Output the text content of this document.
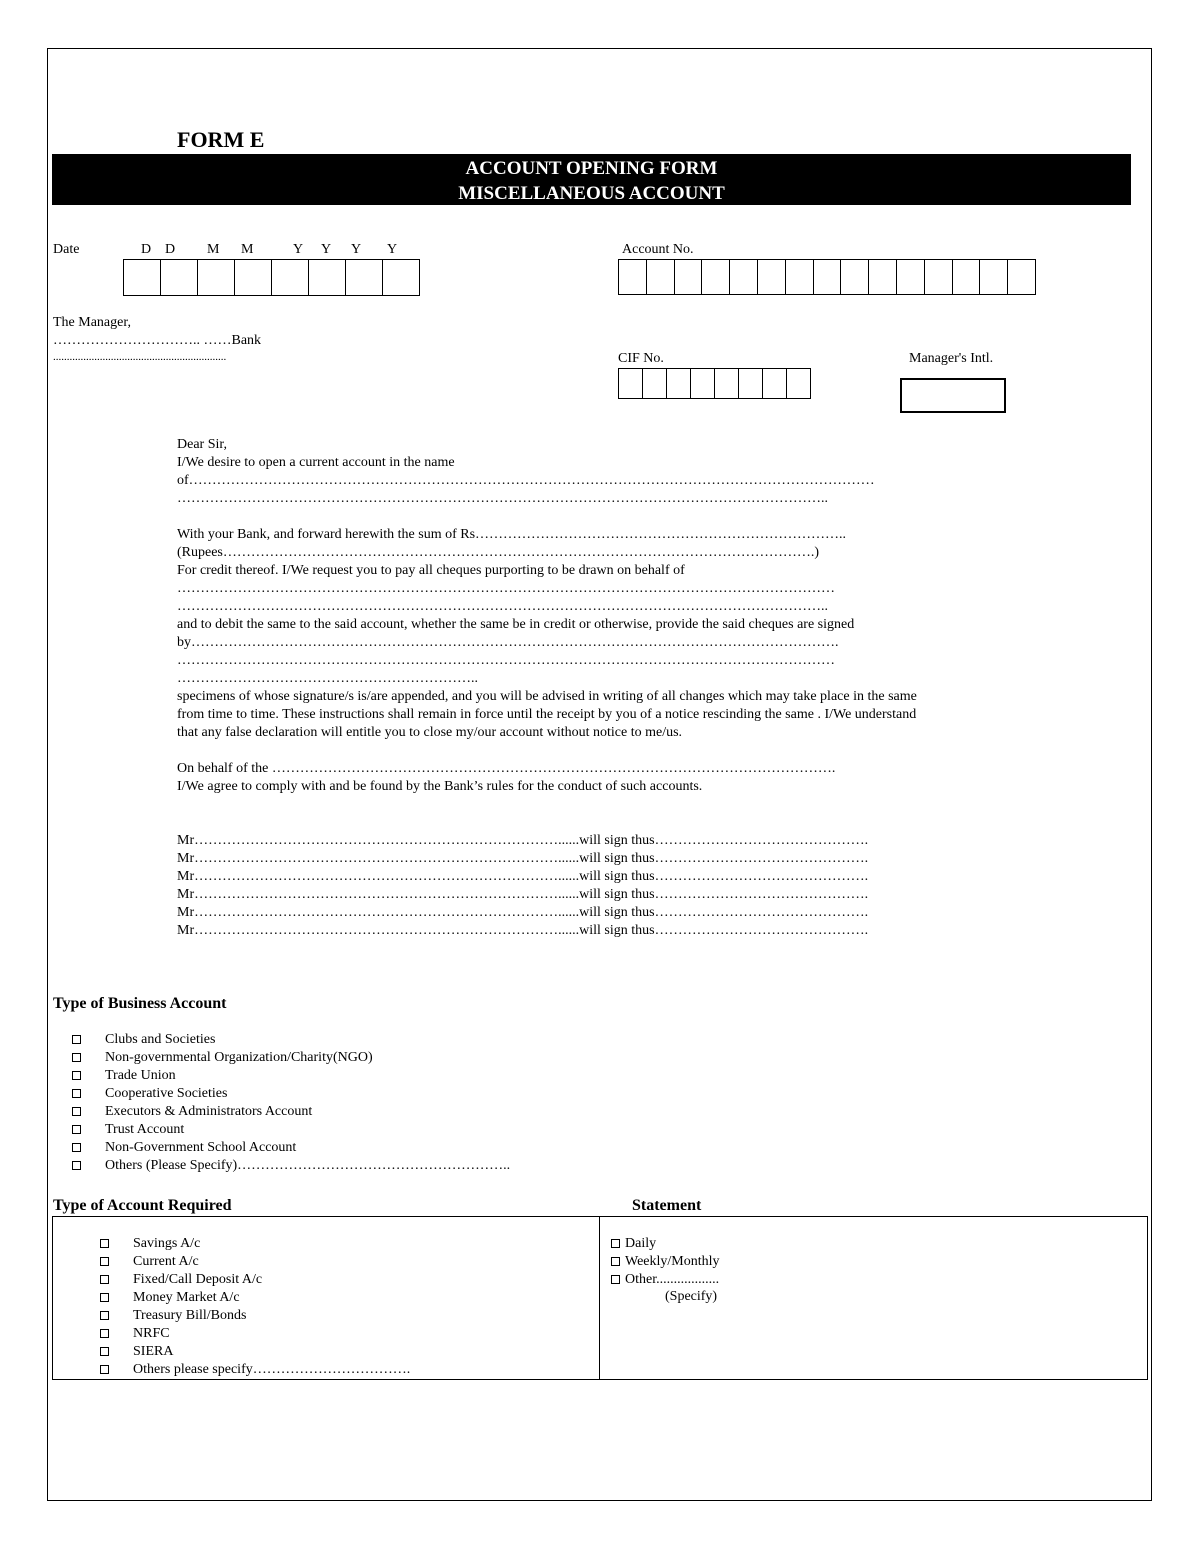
FORM E
ACCOUNT OPENING FORM
MISCELLANEOUS ACCOUNT
Date	D D M M	Y Y Y Y	Account No.
The Manager,
………………………….. ……Bank
...............................................................	CIF No.	Manager's Intl.

Dear Sir,

I/We desire to open a current account in the name

of…………………………………………………………………………………………………………………………………

…………………………………………………………………………………………………………………………..

With your Bank, and forward herewith the sum of Rs……………………………………………………………………..

(Rupees……………………………………………………………………………………………………………….)

For credit thereof. I/We request you to pay all cheques purporting to be drawn on behalf of

……………………………………………………………………………………………………………………………

…………………………………………………………………………………………………………………………..

and to debit the same to the said account, whether the same be in credit or otherwise, provide the said cheques are signed

by………………………………………………………………………………………………………………………….

……………………………………………………………………………………………………………………………

………………………………………………………..

specimens of whose signature/s is/are appended, and you will be advised in writing of all changes which may take place in the same

from time to time. These instructions shall remain in force until the receipt by you of a notice rescinding the same . I/We understand

that any false declaration will entitle you to close my/our account without notice to me/us.

On behalf of the ………………………………………………………………………………………………………….

I/We agree to comply with and be found by the Bank’s rules for the conduct of such accounts.

Mr……………………………………………………………………......will sign thus……………………………………….
Mr……………………………………………………………………......will sign thus……………………………………….
Mr……………………………………………………………………......will sign thus……………………………………….
Mr……………………………………………………………………......will sign thus……………………………………….
Mr……………………………………………………………………......will sign thus……………………………………….
Mr……………………………………………………………………......will sign thus……………………………………….
Type of Business Account
Clubs and Societies
Non-governmental Organization/Charity(NGO)
Trade Union
Cooperative Societies
Executors & Administrators Account
Trust Account
Non-Government School Account
Others (Please Specify)…………………………………………………..
Type of Account Required	Statement
Savings A/c
Current A/c
Fixed/Call Deposit A/c
Money Market A/c
Treasury Bill/Bonds
NRFC
SIERA
Others please specify…………………………….
Daily
Weekly/Monthly
Other..................
(Specify)
